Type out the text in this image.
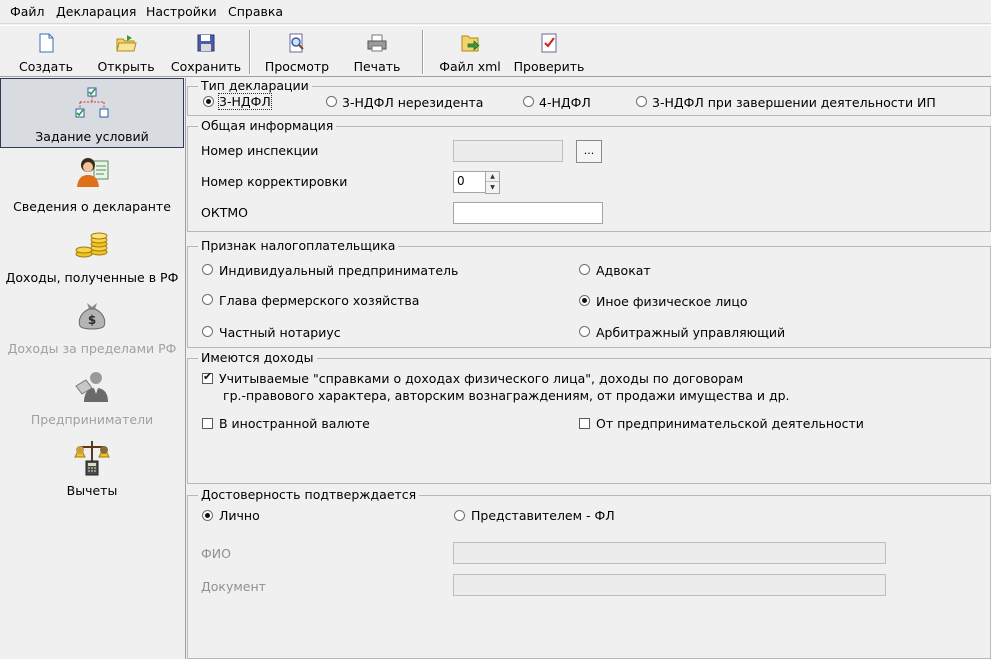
Файл Декларация Настройки Справка
Создать	Открыть	Сохранить	Просмотр	Печать	Файл xml	Проверить
Задание условий
Сведения о декларанте
Доходы, полученные в РФ
$
Доходы за пределами РФ
Предприниматели
Вычеты
Тип декларации
3-НДФЛ	3-НДФЛ нерезидента	4-НДФЛ	3-НДФЛ при завершении деятельности ИП
Общая информация
Номер инспекции	...
Номер корректировки	0	▲
▼
ОКТМО
Признак налогоплательщика
Индивидуальный предприниматель	Адвокат
Глава фермерского хозяйства	Иное физическое лицо
Частный нотариус	Арбитражный управляющий
Имеются доходы
✔
Учитываемые "справками о доходах физического лица", доходы по договорам
гр.-правового характера, авторским вознаграждениям, от продажи имущества и др.
В иностранной валюте	От предпринимательской деятельности
Достоверность подтверждается
Лично	Представителем - ФЛ
ФИО
Документ
